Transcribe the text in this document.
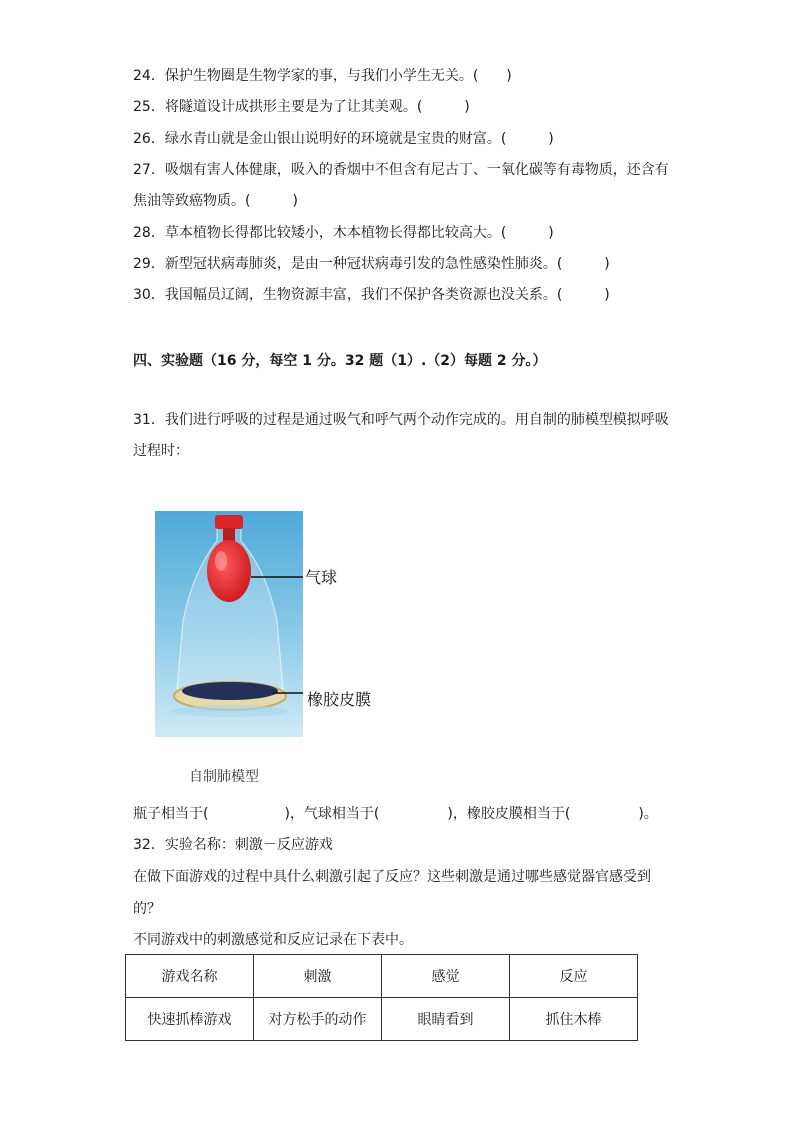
24．保护生物圈是生物学家的事，与我们小学生无关。(　　)
25．将隧道设计成拱形主要是为了让其美观。(　　　)
26．绿水青山就是金山银山说明好的环境就是宝贵的财富。(　　　)
27．吸烟有害人体健康，吸入的香烟中不但含有尼古丁、一氧化碳等有毒物质，还含有
焦油等致癌物质。(　　　)
28．草本植物长得都比较矮小，木本植物长得都比较高大。(　　　)
29．新型冠状病毒肺炎，是由一种冠状病毒引发的急性感染性肺炎。(　　　)
30．我国幅员辽阔，生物资源丰富，我们不保护各类资源也没关系。(　　　)
四、实验题（16 分，每空 1 分。32 题（1）.（2）每题 2 分。）
31．我们进行呼吸的过程是通过吸气和呼气两个动作完成的。用自制的肺模型模拟呼吸
过程时：
气球
橡胶皮膜
自制肺模型
瓶子相当于(	)，气球相当于(	)，橡胶皮膜相当于(	)。
32．实验名称：刺激－反应游戏
在做下面游戏的过程中具什么刺激引起了反应？这些刺激是通过哪些感觉器官感受到
的？
不同游戏中的刺激感觉和反应记录在下表中。
游戏名称	刺激	感觉	反应
快速抓棒游戏	对方松手的动作	眼睛看到	抓住木棒
